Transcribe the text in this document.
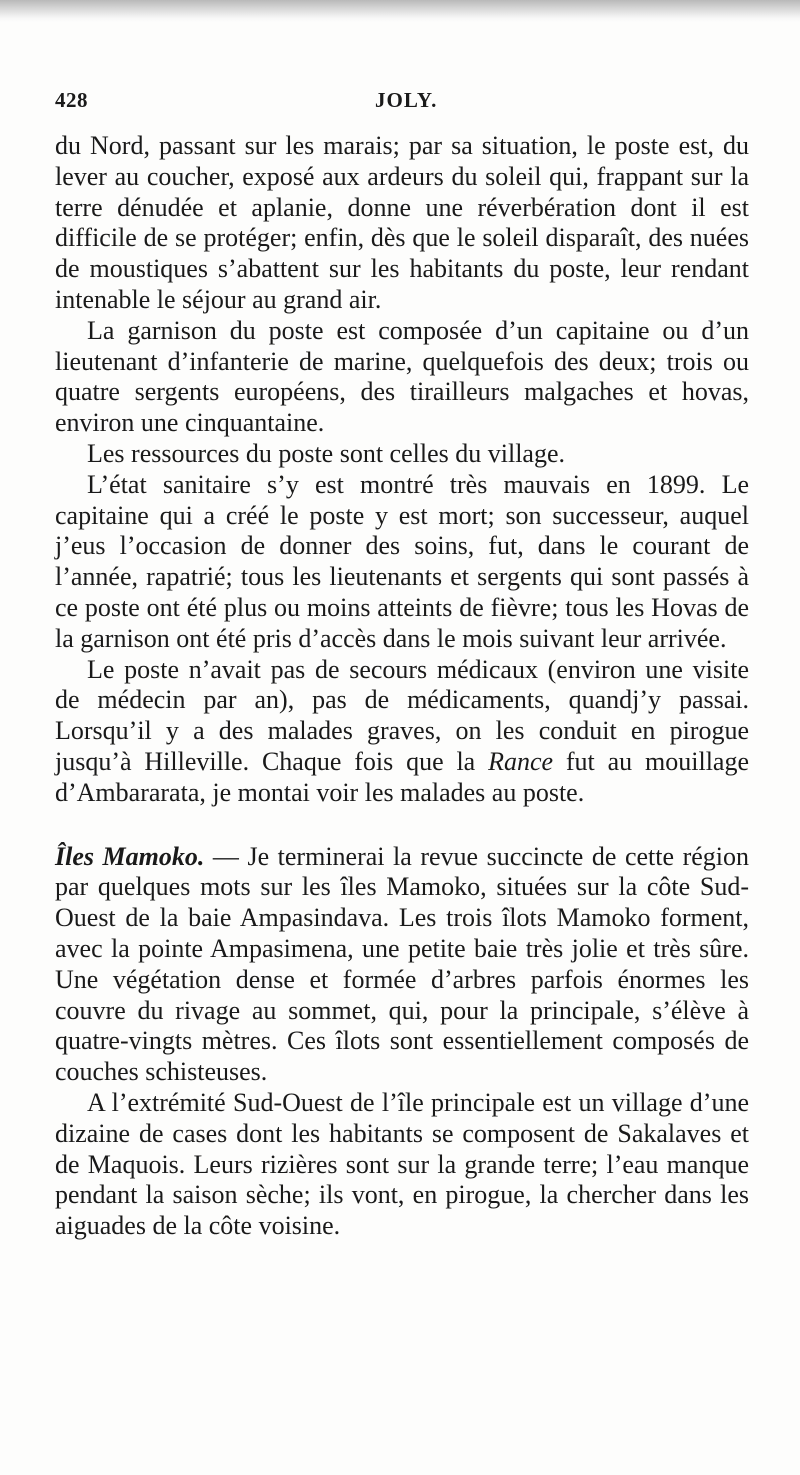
428	JOLY.

du Nord, passant sur les marais; par sa situation, le poste est, du lever au coucher, exposé aux ardeurs du soleil qui, frappant sur la terre dénudée et aplanie, donne une réverbération dont il est difficile de se protéger; enfin, dès que le soleil disparaît, des nuées de moustiques s’abattent sur les habitants du poste, leur rendant intenable le séjour au grand air.

La garnison du poste est composée d’un capitaine ou d’un lieutenant d’infanterie de marine, quelquefois des deux; trois ou quatre sergents européens, des tirailleurs malgaches et hovas, environ une cinquantaine.

Les ressources du poste sont celles du village.

L’état sanitaire s’y est montré très mauvais en 1899. Le capitaine qui a créé le poste y est mort; son successeur, auquel j’eus l’occasion de donner des soins, fut, dans le courant de l’année, rapatrié; tous les lieutenants et sergents qui sont passés à ce poste ont été plus ou moins atteints de fièvre; tous les Hovas de la garnison ont été pris d’accès dans le mois suivant leur arrivée.

Le poste n’avait pas de secours médicaux (environ une visite de médecin par an), pas de médicaments, quandj’y passai. Lorsqu’il y a des malades graves, on les conduit en pirogue jusqu’à Hilleville. Chaque fois que la Rance fut au mouillage d’Ambararata, je montai voir les malades au poste.

Îles Mamoko. — Je terminerai la revue succincte de cette région par quelques mots sur les îles Mamoko, situées sur la côte Sud-Ouest de la baie Ampasindava. Les trois îlots Mamoko forment, avec la pointe Ampasimena, une petite baie très jolie et très sûre. Une végétation dense et formée d’arbres parfois énormes les couvre du rivage au sommet, qui, pour la principale, s’élève à quatre-vingts mètres. Ces îlots sont essentiellement composés de couches schisteuses.

A l’extrémité Sud-Ouest de l’île principale est un village d’une dizaine de cases dont les habitants se composent de Sakalaves et de Maquois. Leurs rizières sont sur la grande terre; l’eau manque pendant la saison sèche; ils vont, en pirogue, la chercher dans les aiguades de la côte voisine.
